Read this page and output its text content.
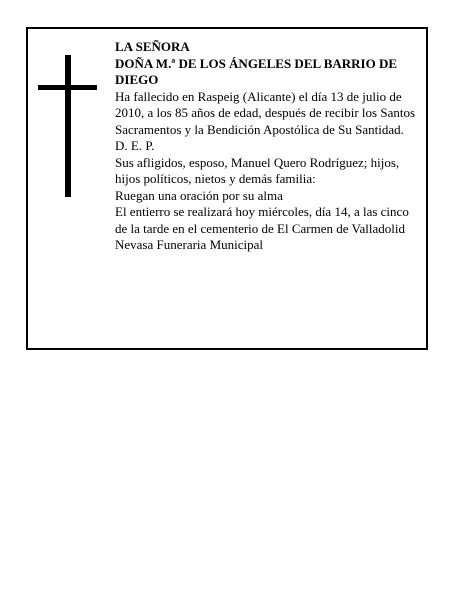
LA SEÑORA

DOÑA M.ª DE LOS ÁNGELES DEL BARRIO DE DIEGO

Ha fallecido en Raspeig (Alicante) el día 13 de julio de 2010, a los 85 años de edad, después de recibir los Santos Sacramentos y la Bendición Apostólica de Su Santidad.

D. E. P.

Sus afligidos, esposo, Manuel Quero Rodríguez; hijos, hijos políticos, nietos y demás familia:

Ruegan una oración por su alma

El entierro se realizará hoy miércoles, día 14, a las cinco de la tarde en el cementerio de El Carmen de Valladolid

Nevasa Funeraria Municipal
